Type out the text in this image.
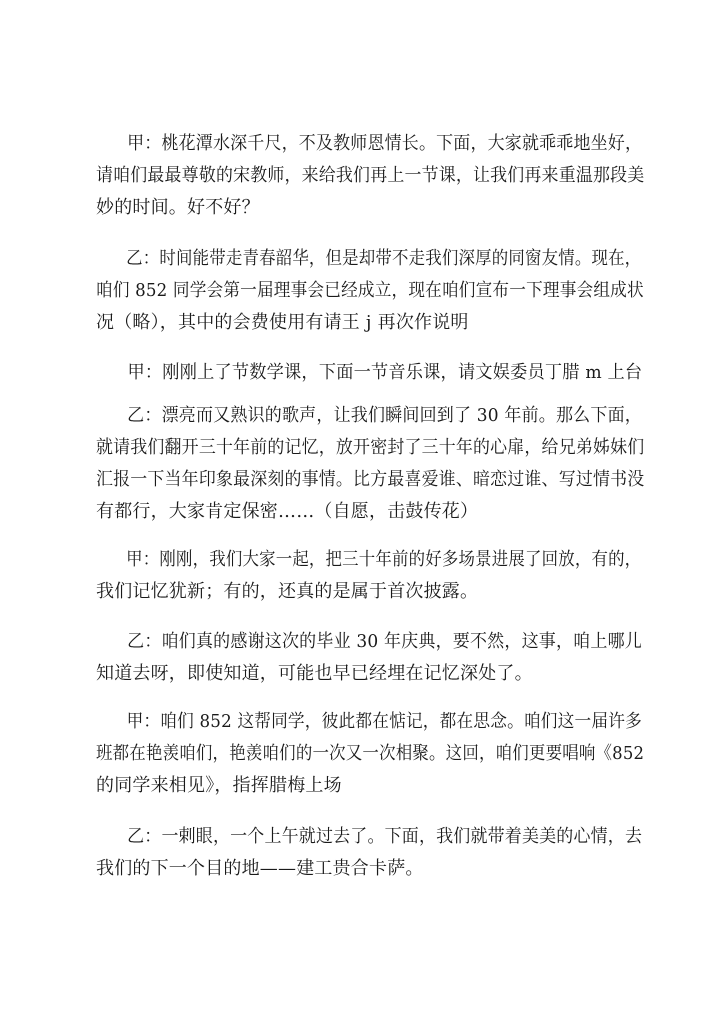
甲：桃花潭水深千尺，不及教师恩情长。下面，大家就乖乖地坐好，
请咱们最最尊敬的宋教师，来给我们再上一节课，让我们再来重温那段美
妙的时间。好不好？
乙：时间能带走青春韶华，但是却带不走我们深厚的同窗友情。现在，
咱们 852 同学会第一届理事会已经成立，现在咱们宣布一下理事会组成状
况（略），其中的会费使用有请王 j 再次作说明
甲：刚刚上了节数学课，下面一节音乐课，请文娱委员丁腊 m 上台
乙：漂亮而又熟识的歌声，让我们瞬间回到了 30 年前。那么下面，
就请我们翻开三十年前的记忆，放开密封了三十年的心扉，给兄弟姊妹们
汇报一下当年印象最深刻的事情。比方最喜爱谁、暗恋过谁、写过情书没
有都行，大家肯定保密……（自愿，击鼓传花）
甲：刚刚，我们大家一起，把三十年前的好多场景进展了回放，有的，
我们记忆犹新；有的，还真的是属于首次披露。
乙：咱们真的感谢这次的毕业 30 年庆典，要不然，这事，咱上哪儿
知道去呀，即使知道，可能也早已经埋在记忆深处了。
甲：咱们 852 这帮同学，彼此都在惦记，都在思念。咱们这一届许多
班都在艳羡咱们，艳羡咱们的一次又一次相聚。这回，咱们更要唱响《852
的同学来相见》，指挥腊梅上场
乙：一剌眼，一个上午就过去了。下面，我们就带着美美的心情，去
我们的下一个目的地——建工贵合卡萨。
